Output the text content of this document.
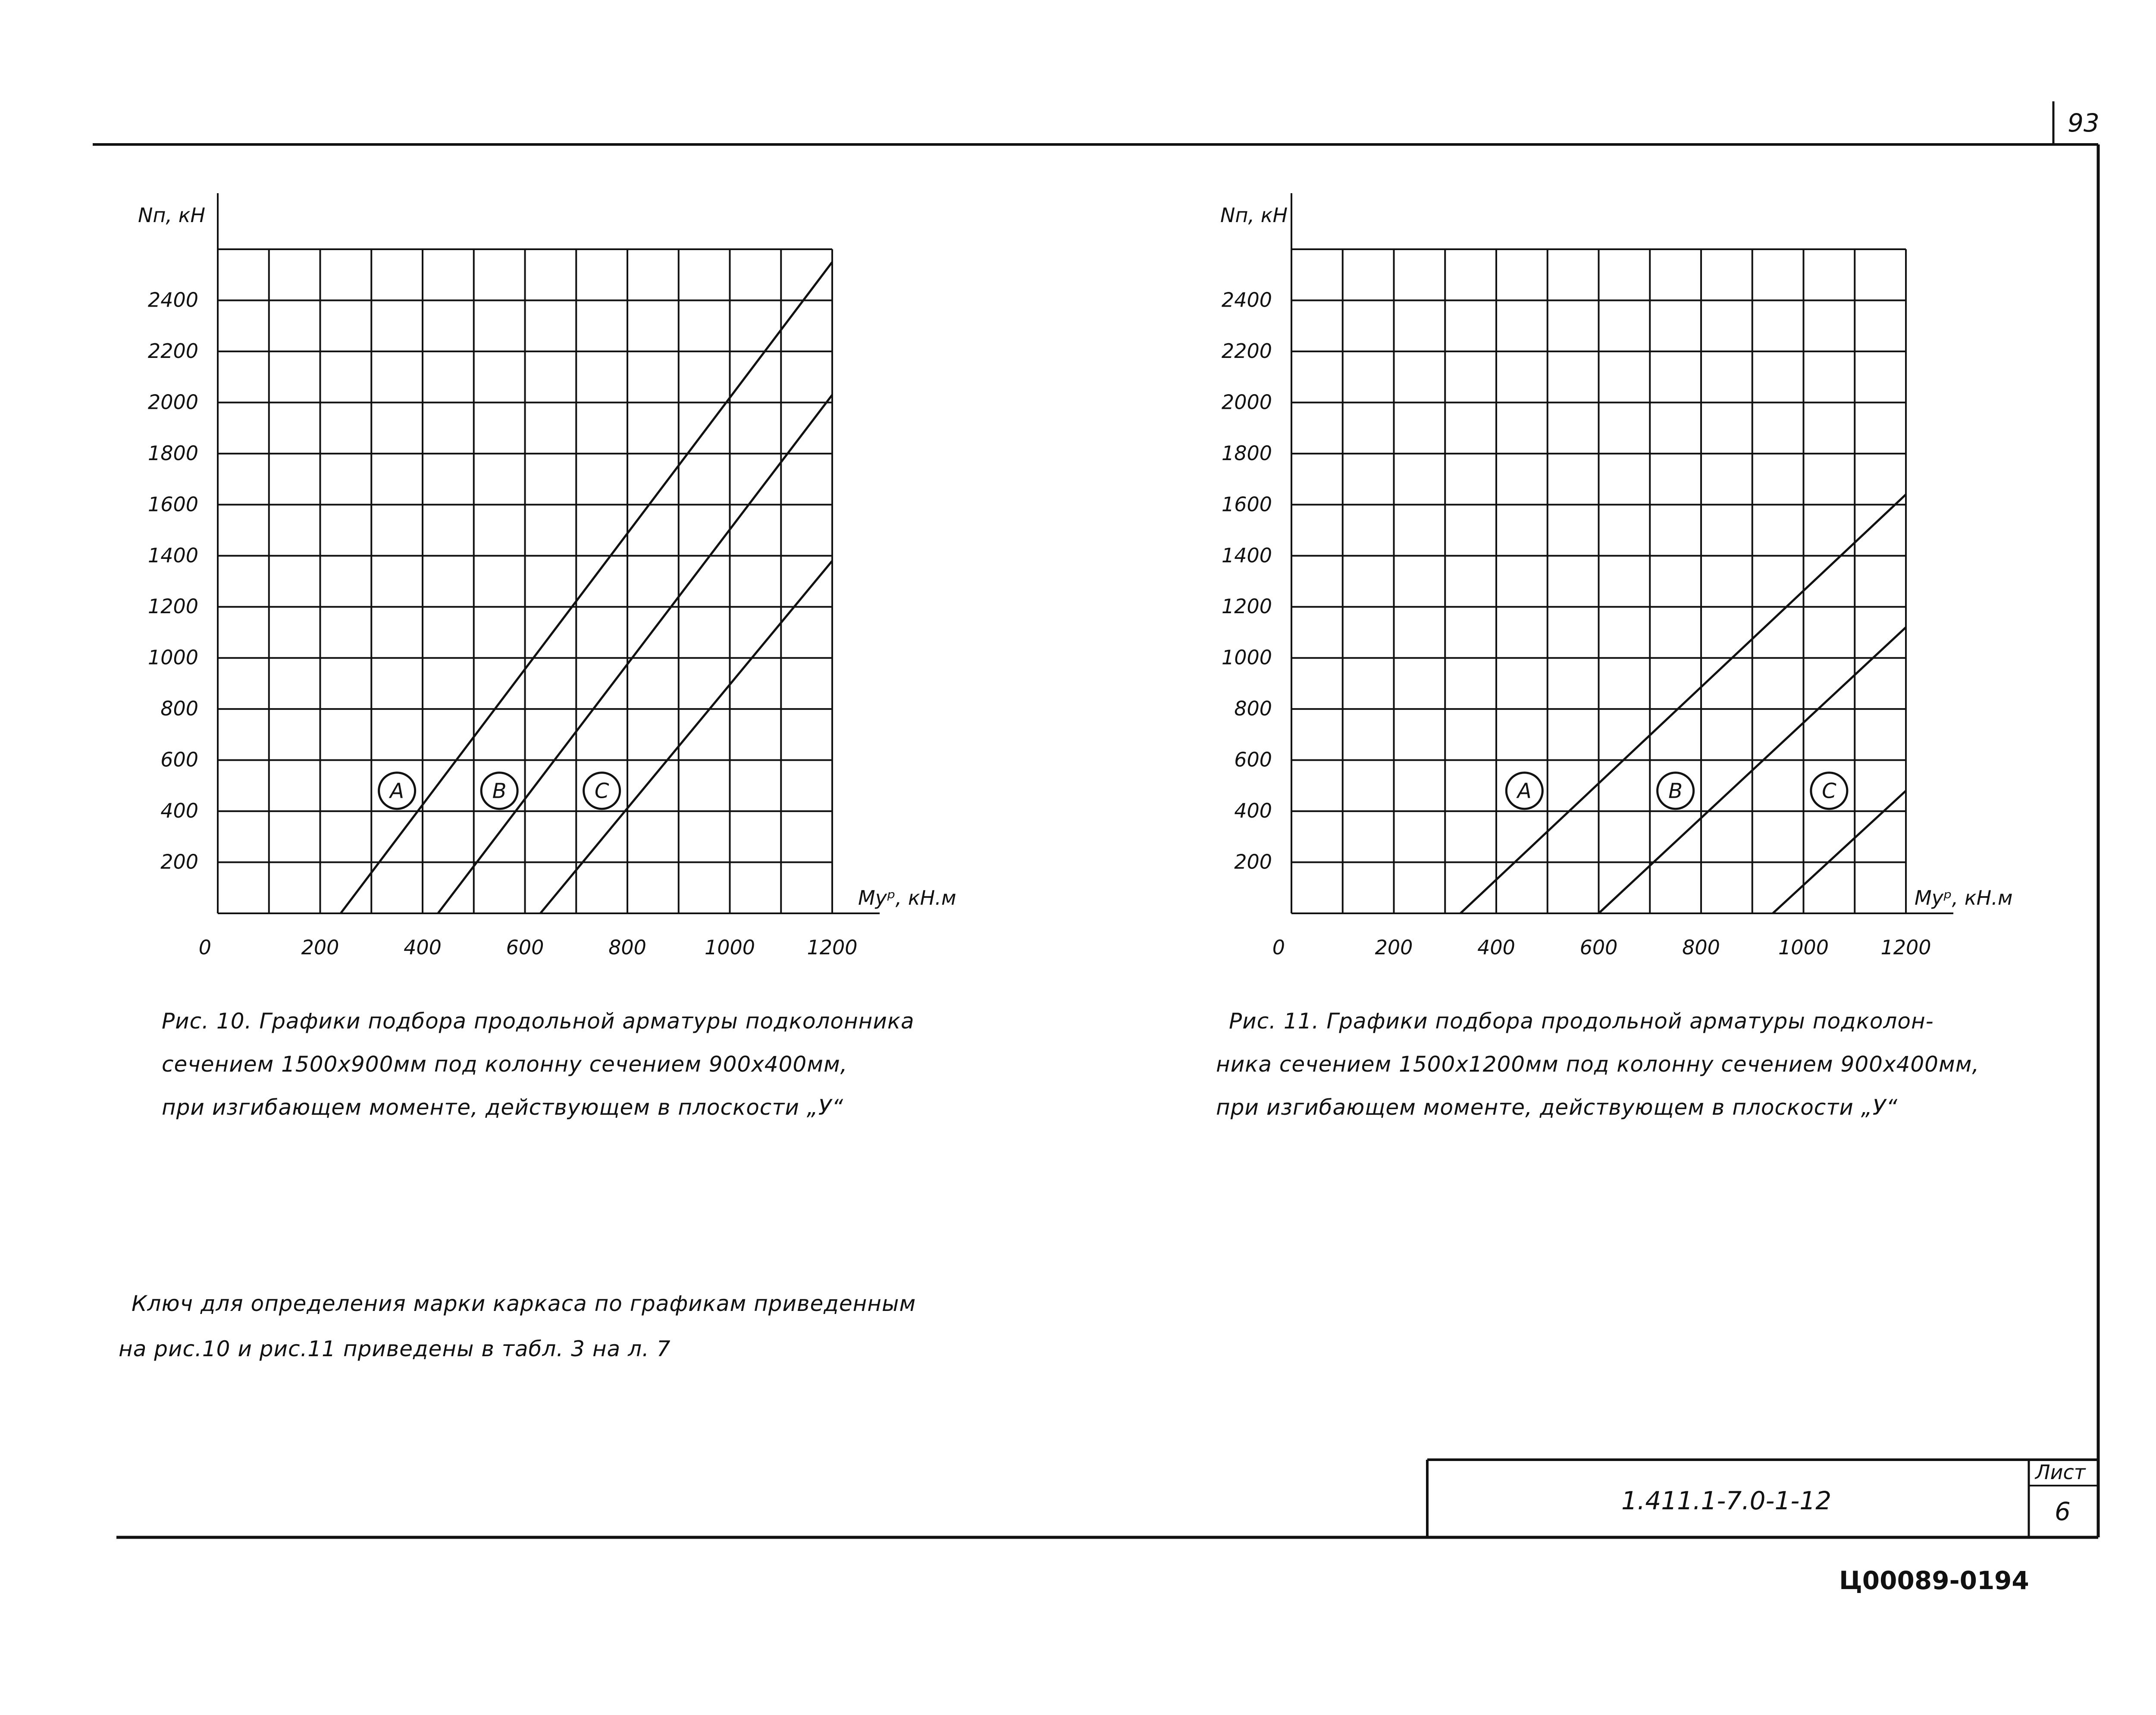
93
A	B	C
200
400
600
800
1000
1200
1400
1600
1800
2000
2200
2400
0	200	400	600	800	1000	1200
Nп, кН
Mуᵖ, кН.м
Рис. 10. Графики подбора продольной арматуры подколонника
сечением 1500x900мм под колонну сечением 900x400мм,
при изгибающем моменте, действующем в плоскости „У“
A	B	C
200
400
600
800
1000
1200
1400
1600
1800
2000
2200
2400
0	200	400	600	800	1000	1200
Nп, кН
Mуᵖ, кН.м
Рис. 11. Графики подбора продольной арматуры подколон-
ника сечением 1500x1200мм под колонну сечением 900x400мм,
при изгибающем моменте, действующем в плоскости „У“
Ключ для определения марки каркаса по графикам приведенным
на рис.10 и рис.11 приведены в табл. 3 на л. 7
1.411.1-7.0-1-12
Лист
6
Ц00089-01 94
